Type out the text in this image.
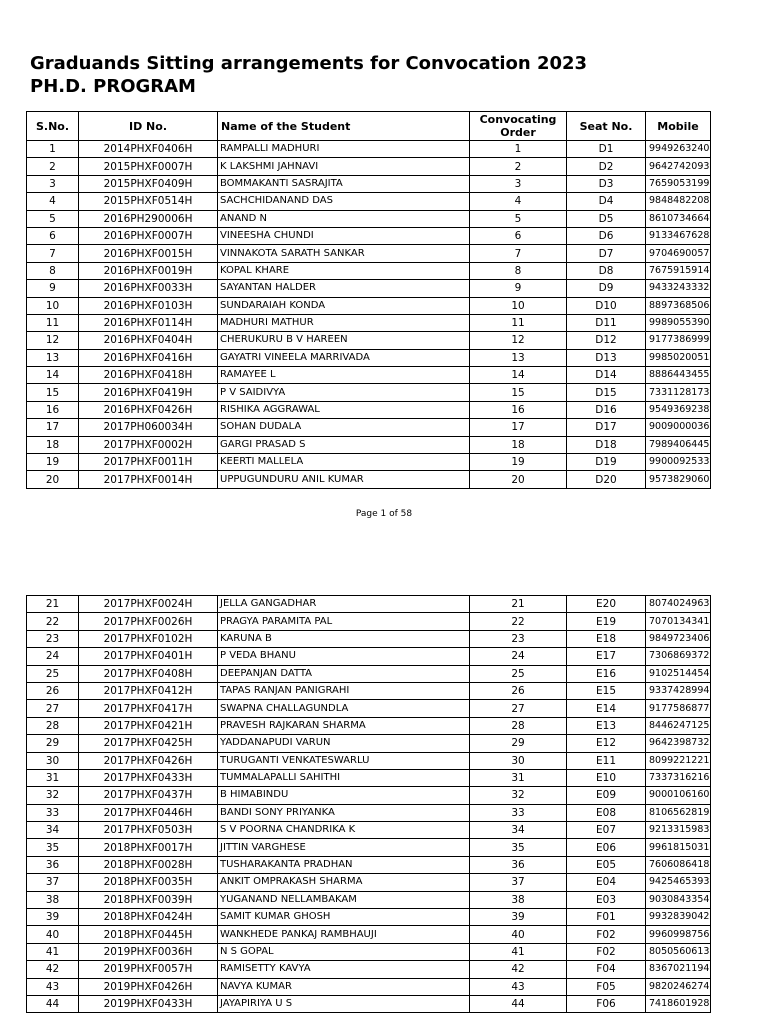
Graduands Sitting arrangements for Convocation 2023
PH.D. PROGRAM
S.No.	ID No.	Name of the Student	Convocating Order	Seat No.	Mobile
1	2014PHXF0406H	RAMPALLI MADHURI	1	D1	9949263240
2	2015PHXF0007H	K LAKSHMI JAHNAVI	2	D2	9642742093
3	2015PHXF0409H	BOMMAKANTI SASRAJITA	3	D3	7659053199
4	2015PHXF0514H	SACHCHIDANAND DAS	4	D4	9848482208
5	2016PH290006H	ANAND N	5	D5	8610734664
6	2016PHXF0007H	VINEESHA CHUNDI	6	D6	9133467628
7	2016PHXF0015H	VINNAKOTA SARATH SANKAR	7	D7	9704690057
8	2016PHXF0019H	KOPAL KHARE	8	D8	7675915914
9	2016PHXF0033H	SAYANTAN HALDER	9	D9	9433243332
10	2016PHXF0103H	SUNDARAIAH KONDA	10	D10	8897368506
11	2016PHXF0114H	MADHURI MATHUR	11	D11	9989055390
12	2016PHXF0404H	CHERUKURU B V HAREEN	12	D12	9177386999
13	2016PHXF0416H	GAYATRI VINEELA MARRIVADA	13	D13	9985020051
14	2016PHXF0418H	RAMAYEE L	14	D14	8886443455
15	2016PHXF0419H	P V SAIDIVYA	15	D15	7331128173
16	2016PHXF0426H	RISHIKA AGGRAWAL	16	D16	9549369238
17	2017PH060034H	SOHAN DUDALA	17	D17	9009000036
18	2017PHXF0002H	GARGI PRASAD S	18	D18	7989406445
19	2017PHXF0011H	KEERTI MALLELA	19	D19	9900092533
20	2017PHXF0014H	UPPUGUNDURU ANIL KUMAR	20	D20	9573829060
Page 1 of 58
21	2017PHXF0024H	JELLA GANGADHAR	21	E20	8074024963
22	2017PHXF0026H	PRAGYA PARAMITA PAL	22	E19	7070134341
23	2017PHXF0102H	KARUNA B	23	E18	9849723406
24	2017PHXF0401H	P VEDA BHANU	24	E17	7306869372
25	2017PHXF0408H	DEEPANJAN DATTA	25	E16	9102514454
26	2017PHXF0412H	TAPAS RANJAN PANIGRAHI	26	E15	9337428994
27	2017PHXF0417H	SWAPNA CHALLAGUNDLA	27	E14	9177586877
28	2017PHXF0421H	PRAVESH RAJKARAN SHARMA	28	E13	8446247125
29	2017PHXF0425H	YADDANAPUDI VARUN	29	E12	9642398732
30	2017PHXF0426H	TURUGANTI VENKATESWARLU	30	E11	8099221221
31	2017PHXF0433H	TUMMALAPALLI SAHITHI	31	E10	7337316216
32	2017PHXF0437H	B HIMABINDU	32	E09	9000106160
33	2017PHXF0446H	BANDI SONY PRIYANKA	33	E08	8106562819
34	2017PHXF0503H	S V POORNA CHANDRIKA K	34	E07	9213315983
35	2018PHXF0017H	JITTIN VARGHESE	35	E06	9961815031
36	2018PHXF0028H	TUSHARAKANTA PRADHAN	36	E05	7606086418
37	2018PHXF0035H	ANKIT OMPRAKASH SHARMA	37	E04	9425465393
38	2018PHXF0039H	YUGANAND NELLAMBAKAM	38	E03	9030843354
39	2018PHXF0424H	SAMIT KUMAR GHOSH	39	F01	9932839042
40	2018PHXF0445H	WANKHEDE PANKAJ RAMBHAUJI	40	F02	9960998756
41	2019PHXF0036H	N S GOPAL	41	F02	8050560613
42	2019PHXF0057H	RAMISETTY KAVYA	42	F04	8367021194
43	2019PHXF0426H	NAVYA KUMAR	43	F05	9820246274
44	2019PHXF0433H	JAYAPIRIYA U S	44	F06	7418601928
